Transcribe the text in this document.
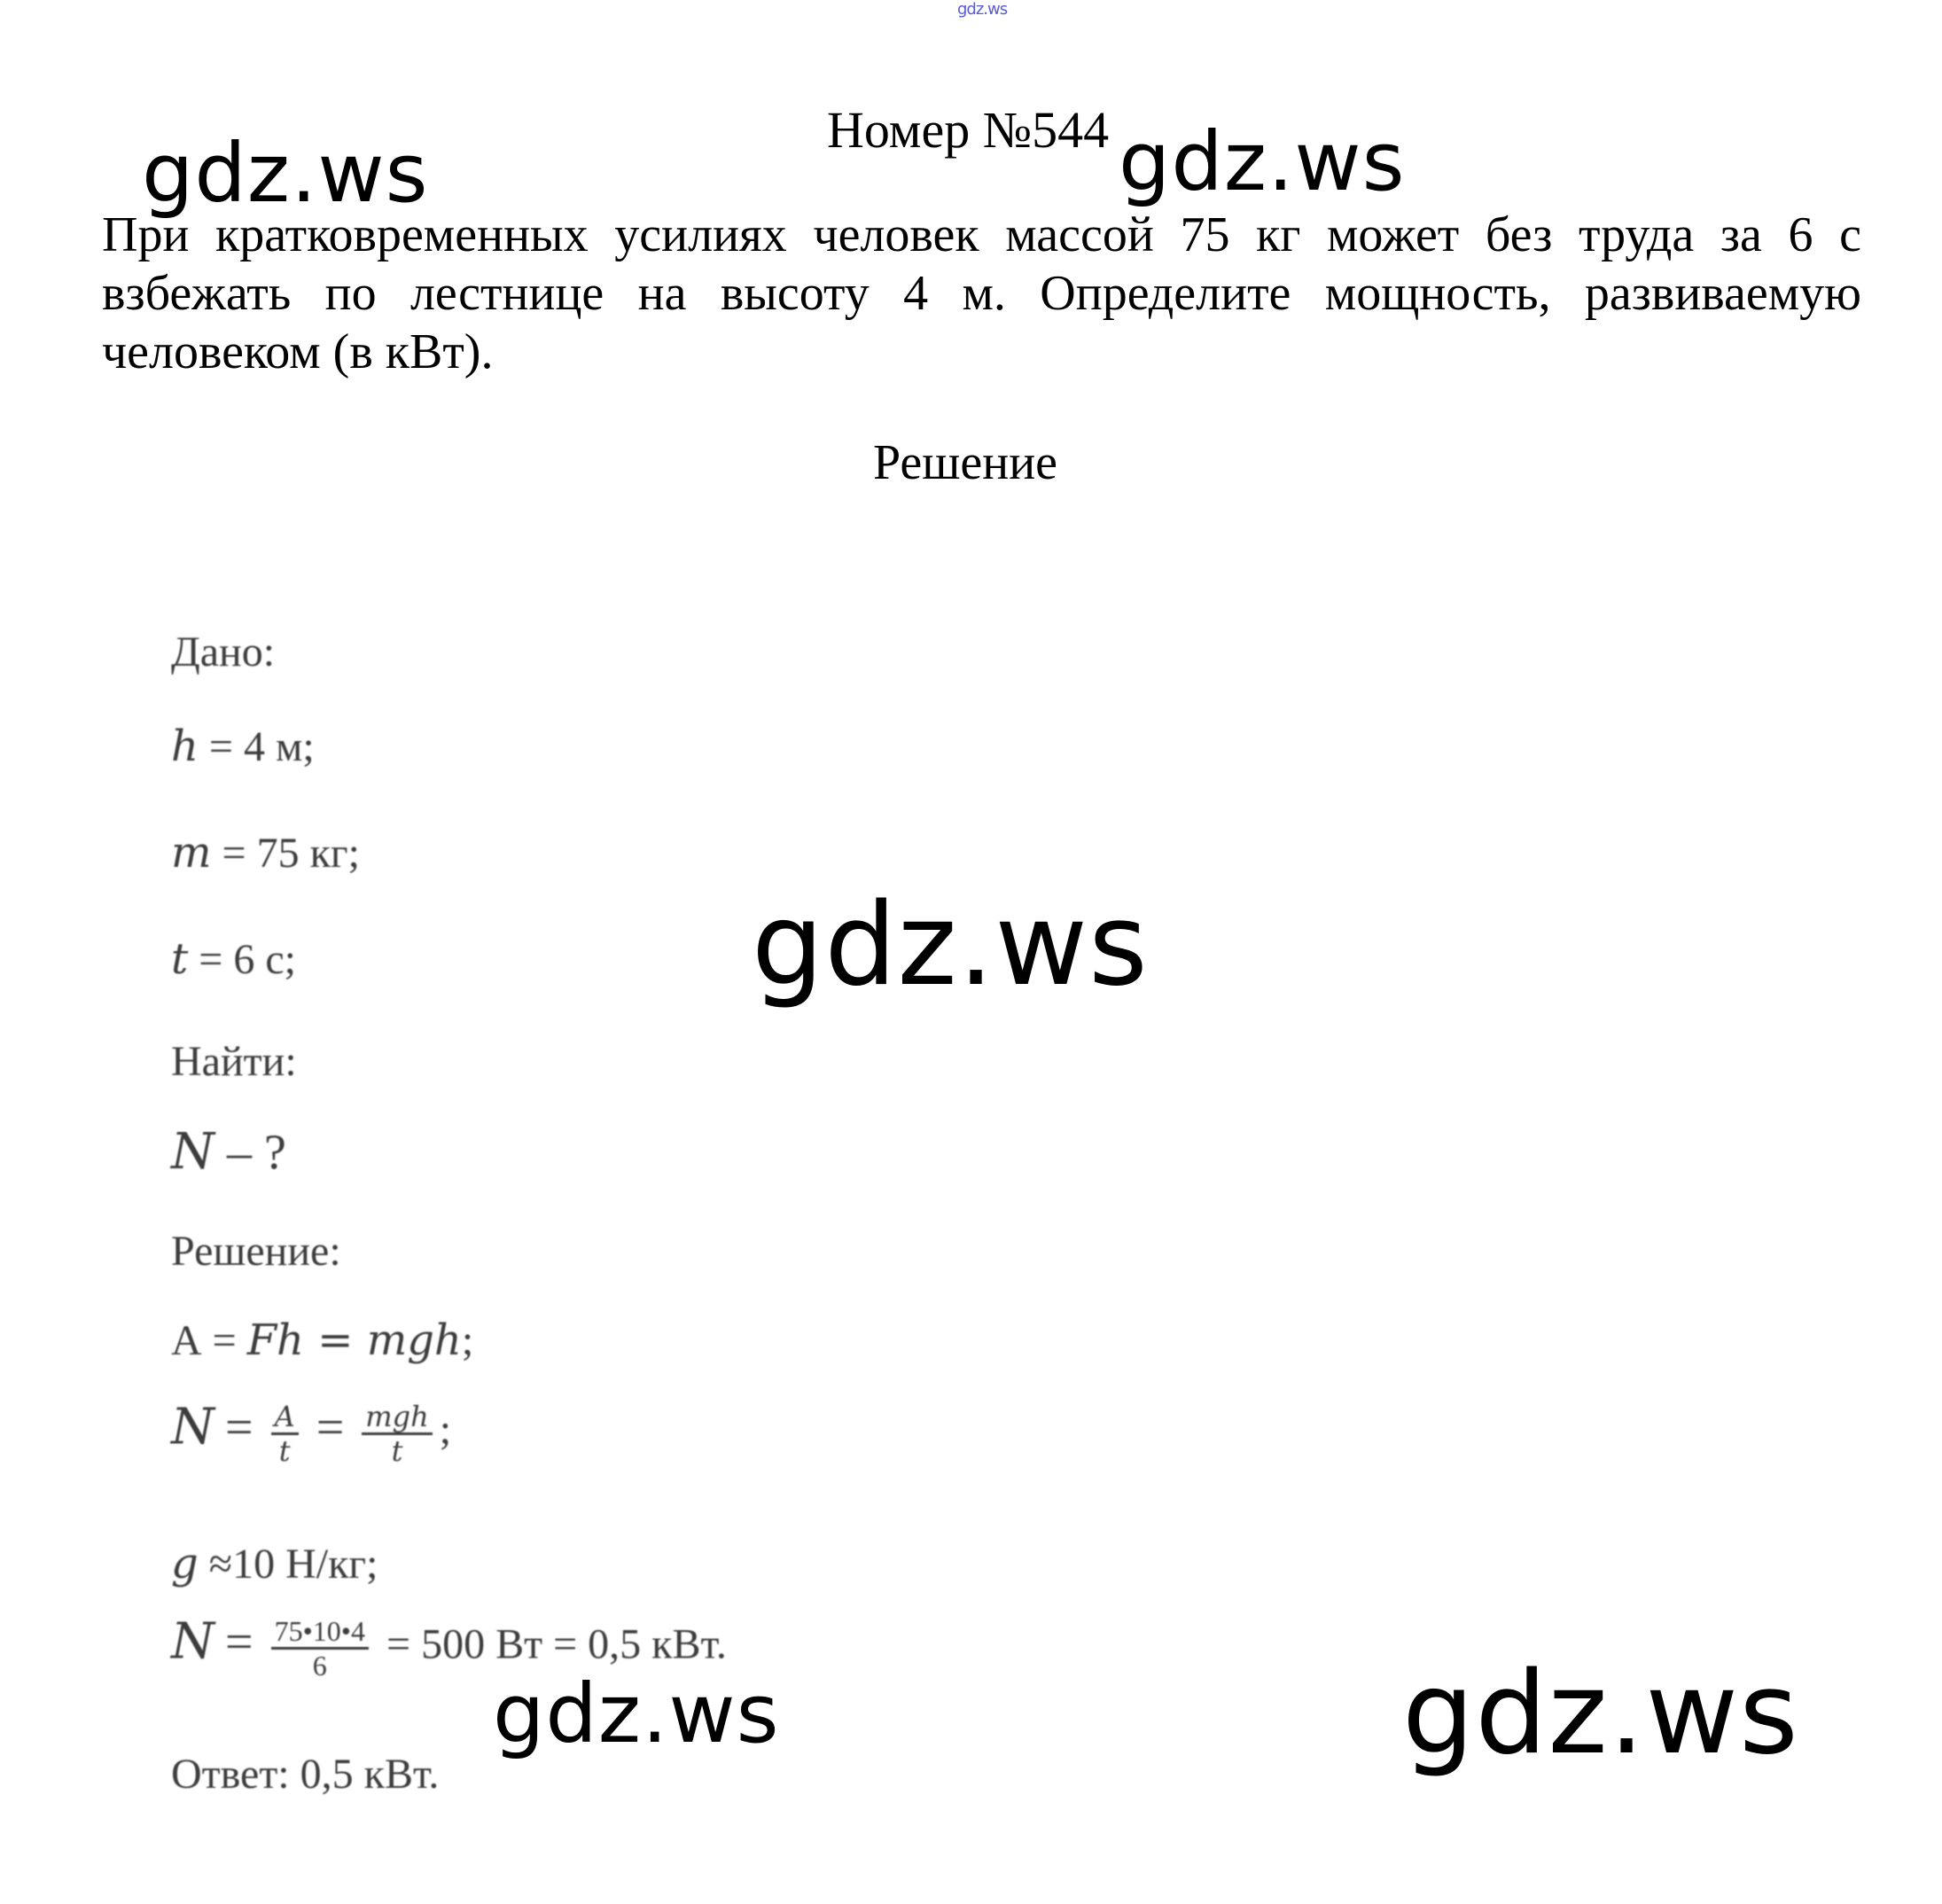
gdz.ws
Номер №544

При кратковременных усилиях человек массой 75 кг может без труда за 6 с взбежать по лестнице на высоту 4 м. Определите мощность, развиваемую человеком (в кВт).

Решение
Дано:
h = 4 м;
m = 75 кг;
t = 6 с;
Найти:
N – ?
Решение:
А = Fh = mgh;
$N = \frac{A}{t} = \frac{\text{mgh}}{t}$ ;
g ≈10 Н/кг;
$N = \frac{75•10•4}{6} = 500$ Вт = 0,5 кВт.
Ответ: 0,5 кВт.
gdz.ws	gdz.ws
gdz.ws
gdz.ws	gdz.ws
